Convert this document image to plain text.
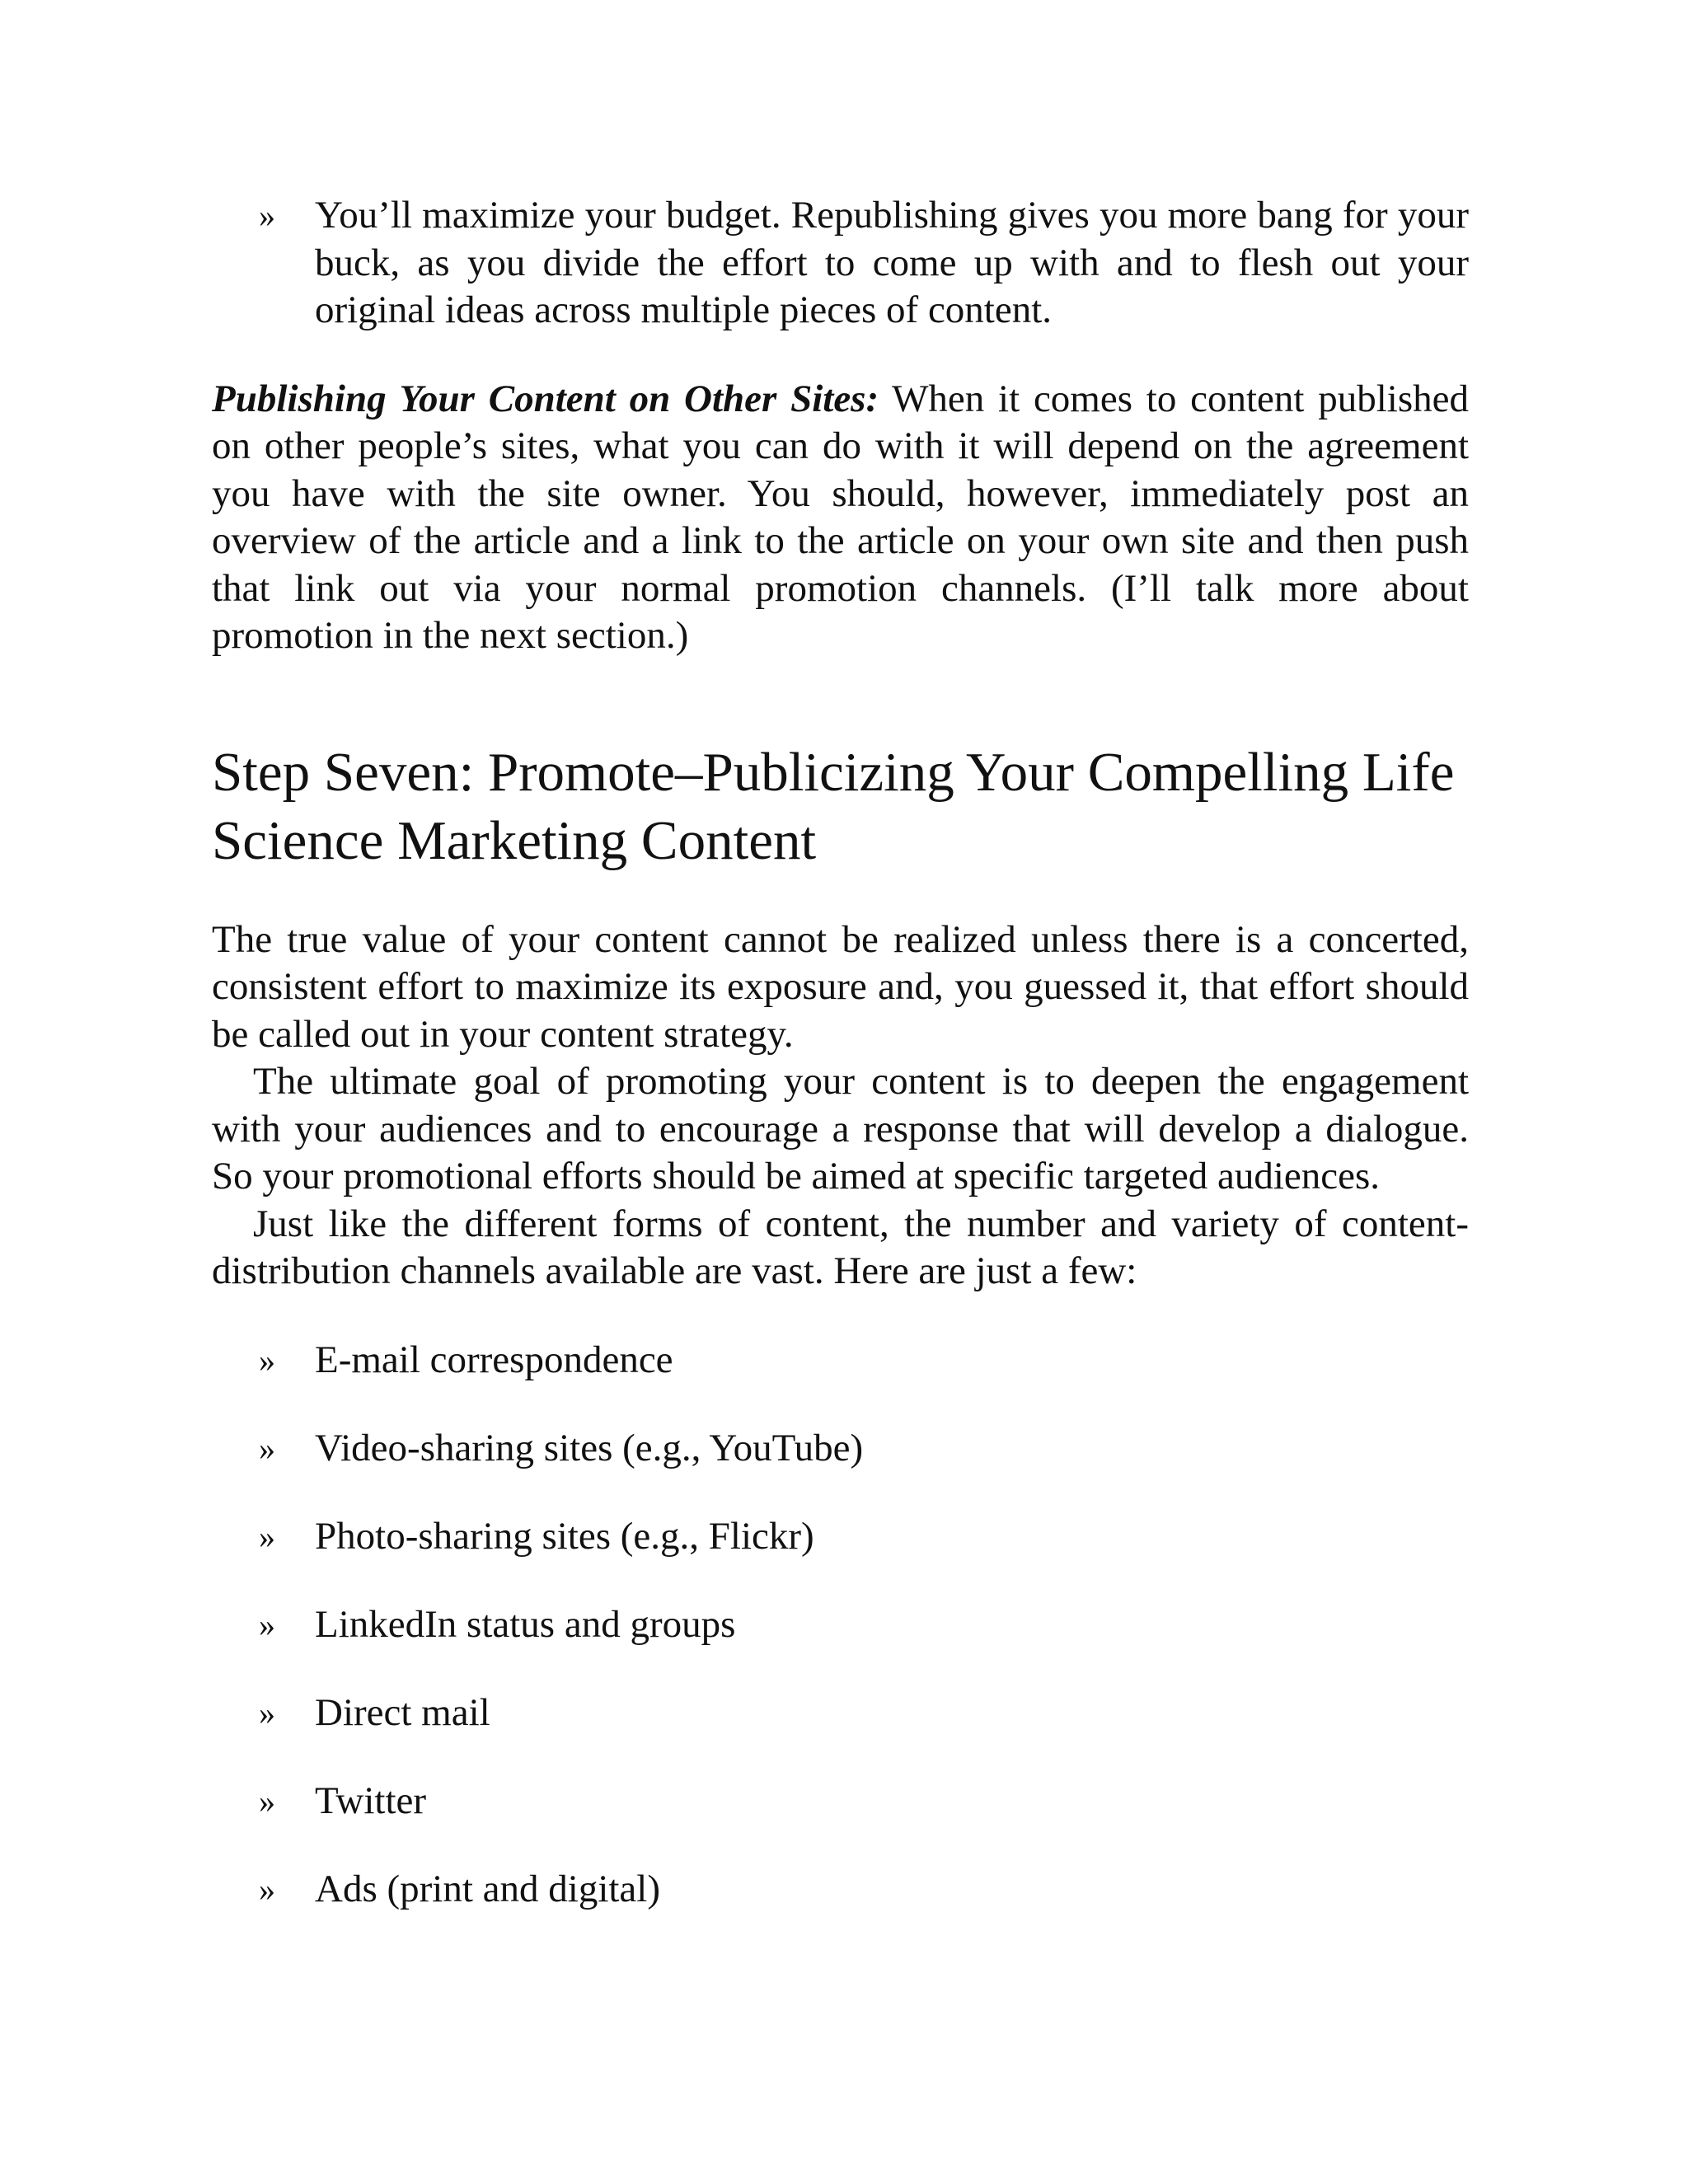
» You’ll maximize your budget. Republishing gives you more bang for your buck, as you divide the effort to come up with and to flesh out your original ideas across multiple pieces of content.

Publishing Your Content on Other Sites: When it comes to content published on other people’s sites, what you can do with it will depend on the agreement you have with the site owner. You should, however, immediately post an overview of the article and a link to the article on your own site and then push that link out via your normal promotion channels. (I’ll talk more about promotion in the next section.)

Step Seven: Promote–Publicizing Your Compelling Life Science Marketing Content

The true value of your content cannot be realized unless there is a concerted, consistent effort to maximize its exposure and, you guessed it, that effort should be called out in your content strategy.

The ultimate goal of promoting your content is to deepen the engagement with your audiences and to encourage a response that will develop a dialogue. So your promotional efforts should be aimed at specific targeted audiences.

Just like the different forms of content, the number and variety of content-distribution channels available are vast. Here are just a few:

» E-mail correspondence
» Video-sharing sites (e.g., YouTube)
» Photo-sharing sites (e.g., Flickr)
» LinkedIn status and groups
» Direct mail
» Twitter
» Ads (print and digital)
